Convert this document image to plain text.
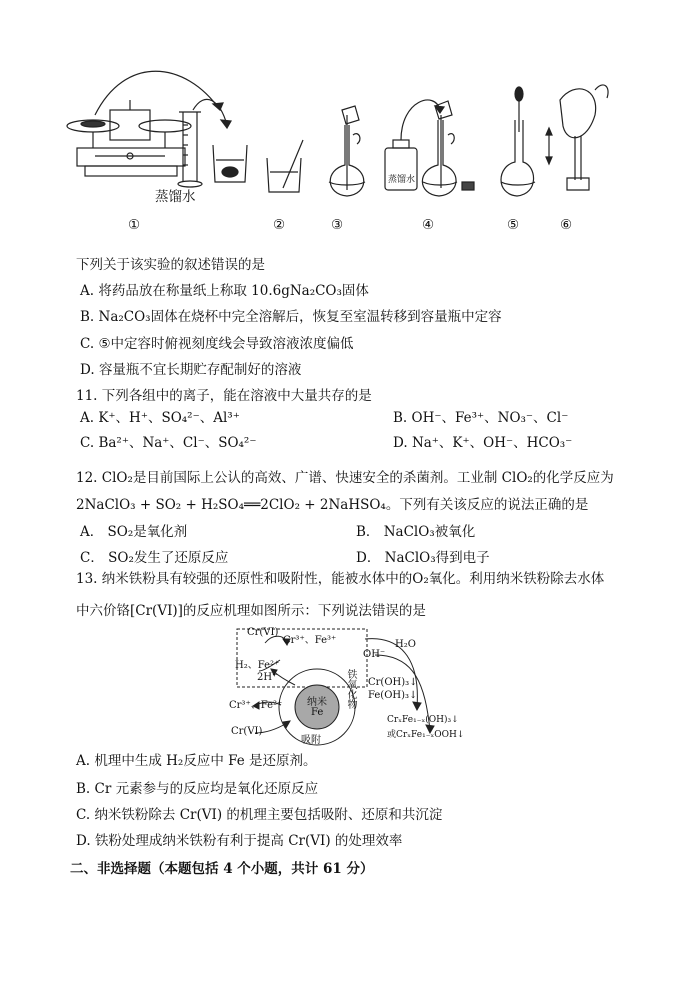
蒸馏水
蒸馏水
①	②	③	④	⑤	⑥
下列关于该实验的叙述错误的是
A. 将药品放在称量纸上称取 10.6gNa₂CO₃固体
B. Na₂CO₃固体在烧杯中完全溶解后，恢复至室温转移到容量瓶中定容
C. ⑤中定容时俯视刻度线会导致溶液浓度偏低
D. 容量瓶不宜长期贮存配制好的溶液
11. 下列各组中的离子，能在溶液中大量共存的是
A. K⁺、H⁺、SO₄²⁻、Al³⁺	B. OH⁻、Fe³⁺、NO₃⁻、Cl⁻
C. Ba²⁺、Na⁺、Cl⁻、SO₄²⁻	D. Na⁺、K⁺、OH⁻、HCO₃⁻
12. ClO₂是目前国际上公认的高效、广谱、快速安全的杀菌剂。工业制 ClO₂的化学反应为
2NaClO₃ + SO₂ + H₂SO₄══2ClO₂ + 2NaHSO₄。下列有关该反应的说法正确的是
A． SO₂是氧化剂	B． NaClO₃被氧化
C． SO₂发生了还原反应	D． NaClO₃得到电子
13. 纳米铁粉具有较强的还原性和吸附性，能被水体中的O₂氧化。利用纳米铁粉除去水体
中六价铬[Cr(VI)]的反应机理如图所示：下列说法错误的是
Cr(VI)
Cr³⁺、Fe³⁺
H₂、Fe²⁺
2H⁺
OH⁻
H₂O
Cr(OH)₃↓
Fe(OH)₃↓
Cr³⁺、Fe²⁺
Cr(VI)
纳米
Fe
铁氧化物
吸附
CrₓFe₁₋ₓ(OH)₃↓
或CrₓFe₁₋ₓOOH↓
A. 机理中生成 H₂反应中 Fe 是还原剂。
B. Cr 元素参与的反应均是氧化还原反应
C. 纳米铁粉除去 Cr(VI) 的机理主要包括吸附、还原和共沉淀
D. 铁粉处理成纳米铁粉有利于提高 Cr(VI) 的处理效率
二、非选择题（本题包括 4 个小题，共计 61 分）
